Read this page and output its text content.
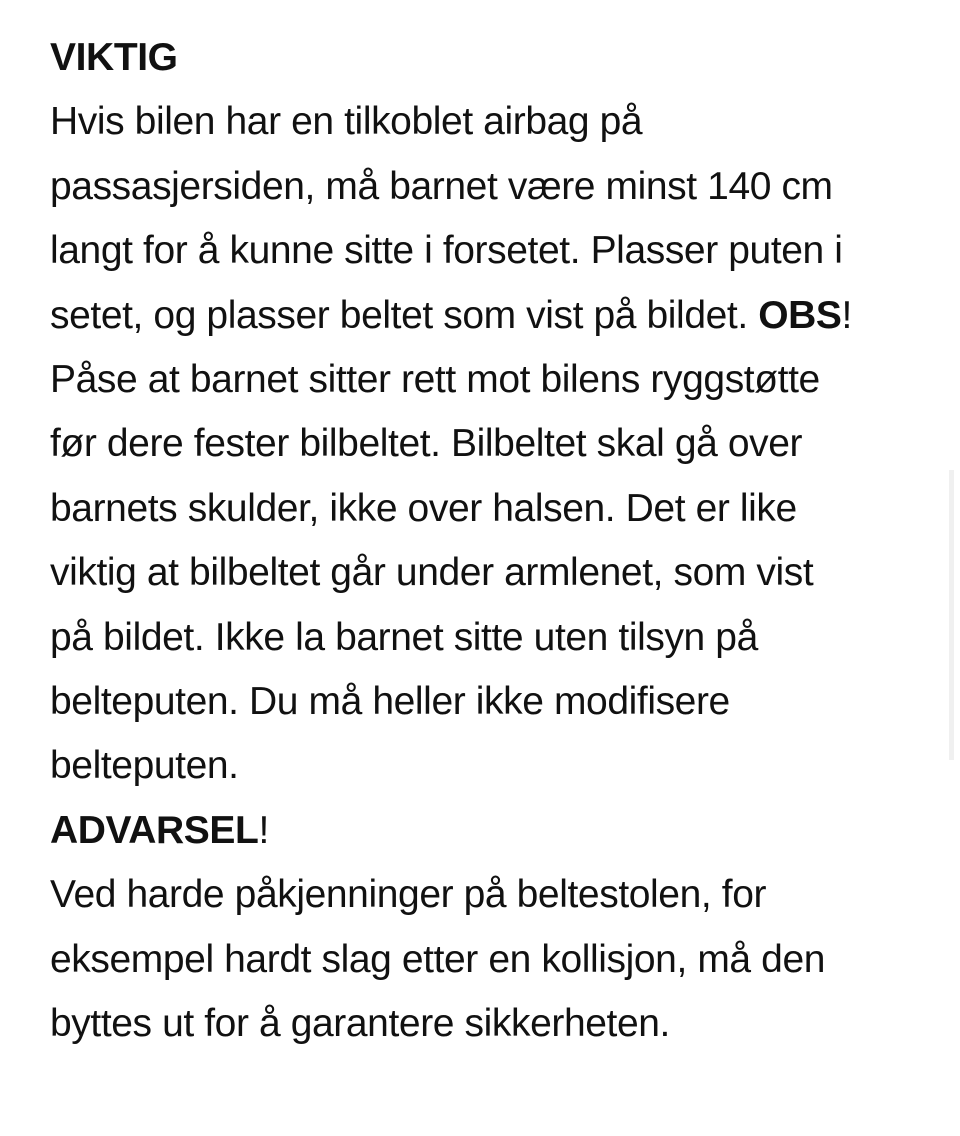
VIKTIG

Hvis bilen har en tilkoblet airbag på
passasjersiden, må barnet være minst 140 cm
langt for å kunne sitte i forsetet. Plasser puten i
setet, og plasser beltet som vist på bildet. OBS!
Påse at barnet sitter rett mot bilens ryggstøtte
før dere fester bilbeltet. Bilbeltet skal gå over
barnets skulder, ikke over halsen. Det er like
viktig at bilbeltet går under armlenet, som vist
på bildet. Ikke la barnet sitte uten tilsyn på
belteputen. Du må heller ikke modifisere
belteputen.

ADVARSEL!

Ved harde påkjenninger på beltestolen, for
eksempel hardt slag etter en kollisjon, må den
byttes ut for å garantere sikkerheten.
